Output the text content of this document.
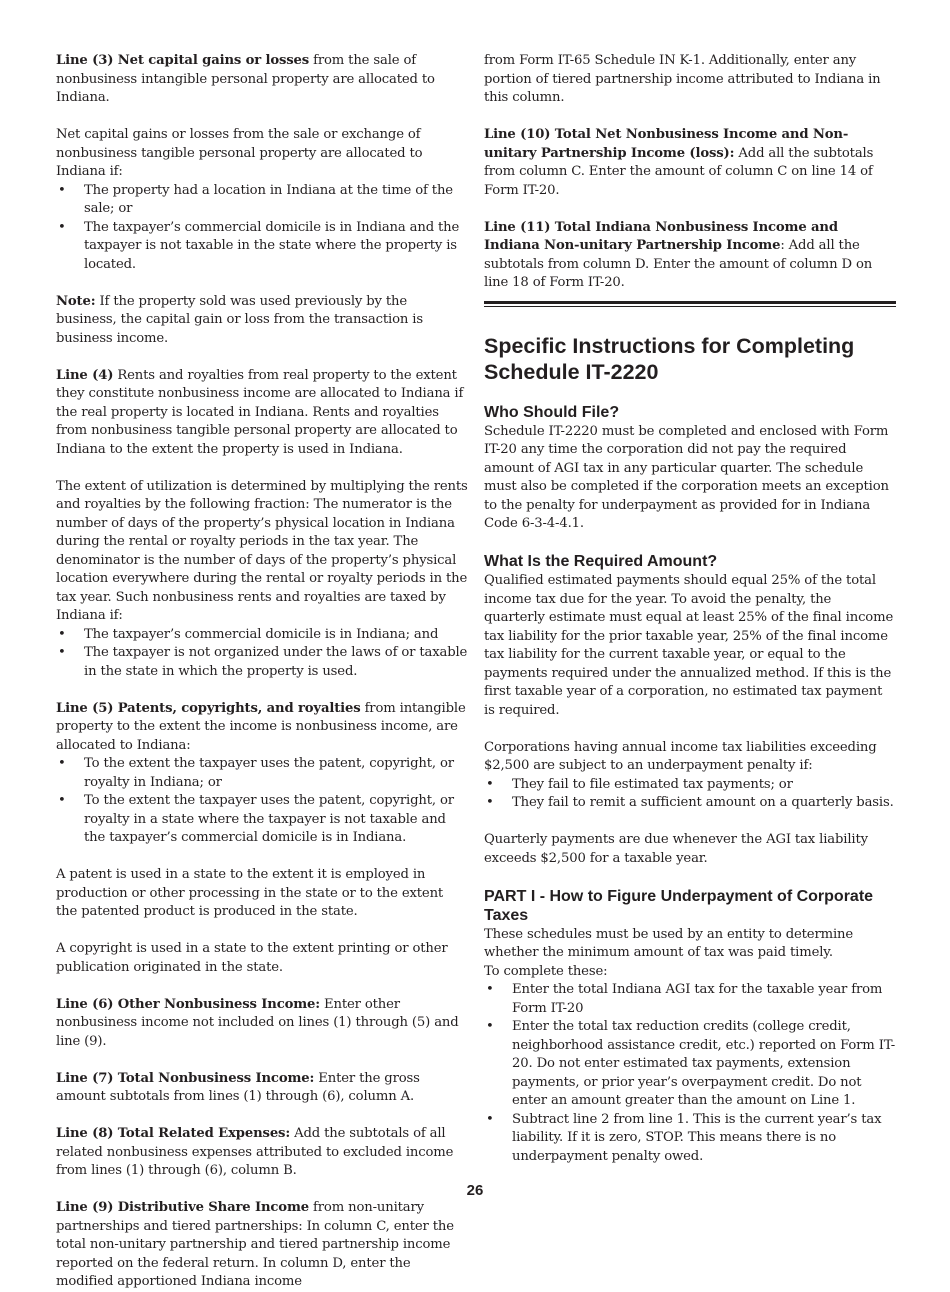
Line (3) Net capital gains or losses from the sale of nonbusiness intangible personal property are allocated to Indiana.

Net capital gains or losses from the sale or exchange of nonbusiness tangible personal property are allocated to Indiana if:

• The property had a location in Indiana at the time of the sale; or
• The taxpayer’s commercial domicile is in Indiana and the taxpayer is not taxable in the state where the property is located.

Note: If the property sold was used previously by the business, the capital gain or loss from the transaction is business income.

Line (4) Rents and royalties from real property to the extent they constitute nonbusiness income are allocated to Indiana if the real property is located in Indiana. Rents and royalties from nonbusiness tangible personal property are allocated to Indiana to the extent the property is used in Indiana.

The extent of utilization is determined by multiplying the rents and royalties by the following fraction: The numerator is the number of days of the property’s physical location in Indiana during the rental or royalty periods in the tax year. The denominator is the number of days of the property’s physical location everywhere during the rental or royalty periods in the tax year. Such nonbusiness rents and royalties are taxed by Indiana if:

• The taxpayer’s commercial domicile is in Indiana; and
• The taxpayer is not organized under the laws of or taxable in the state in which the property is used.

Line (5) Patents, copyrights, and royalties from intangible property to the extent the income is nonbusiness income, are allocated to Indiana:

• To the extent the taxpayer uses the patent, copyright, or royalty in Indiana; or
• To the extent the taxpayer uses the patent, copyright, or royalty in a state where the taxpayer is not taxable and the taxpayer’s commercial domicile is in Indiana.

A patent is used in a state to the extent it is employed in production or other processing in the state or to the extent the patented product is produced in the state.

A copyright is used in a state to the extent printing or other publication originated in the state.

Line (6) Other Nonbusiness Income: Enter other nonbusiness income not included on lines (1) through (5) and line (9).

Line (7) Total Nonbusiness Income: Enter the gross amount subtotals from lines (1) through (6), column A.

Line (8) Total Related Expenses: Add the subtotals of all related nonbusiness expenses attributed to excluded income from lines (1) through (6), column B.

Line (9) Distributive Share Income from non-unitary partnerships and tiered partnerships: In column C, enter the total non-unitary partnership and tiered partnership income reported on the federal return. In column D, enter the modified apportioned Indiana income

from Form IT-65 Schedule IN K-1. Additionally, enter any portion of tiered partnership income attributed to Indiana in this column.

Line (10) Total Net Nonbusiness Income and Non-unitary Partnership Income (loss): Add all the subtotals from column C. Enter the amount of column C on line 14 of Form IT-20.

Line (11) Total Indiana Nonbusiness Income and Indiana Non-unitary Partnership Income: Add all the subtotals from column D. Enter the amount of column D on line 18 of Form IT-20.

Specific Instructions for Completing Schedule IT-2220
Who Should File?

Schedule IT-2220 must be completed and enclosed with Form IT-20 any time the corporation did not pay the required amount of AGI tax in any particular quarter. The schedule must also be completed if the corporation meets an exception to the penalty for underpayment as provided for in Indiana Code 6-3-4-4.1.

What Is the Required Amount?

Qualified estimated payments should equal 25% of the total income tax due for the year. To avoid the penalty, the quarterly estimate must equal at least 25% of the final income tax liability for the prior taxable year, 25% of the final income tax liability for the current taxable year, or equal to the payments required under the annualized method. If this is the first taxable year of a corporation, no estimated tax payment is required.

Corporations having annual income tax liabilities exceeding $2,500 are subject to an underpayment penalty if:

• They fail to file estimated tax payments; or
• They fail to remit a sufficient amount on a quarterly basis.

Quarterly payments are due whenever the AGI tax liability exceeds $2,500 for a taxable year.

PART I - How to Figure Underpayment of Corporate Taxes

These schedules must be used by an entity to determine whether the minimum amount of tax was paid timely.

To complete these:

• Enter the total Indiana AGI tax for the taxable year from Form IT-20
• Enter the total tax reduction credits (college credit, neighborhood assistance credit, etc.) reported on Form IT-20. Do not enter estimated tax payments, extension payments, or prior year’s overpayment credit. Do not enter an amount greater than the amount on Line 1.
• Subtract line 2 from line 1. This is the current year’s tax liability. If it is zero, STOP. This means there is no underpayment penalty owed.
26
